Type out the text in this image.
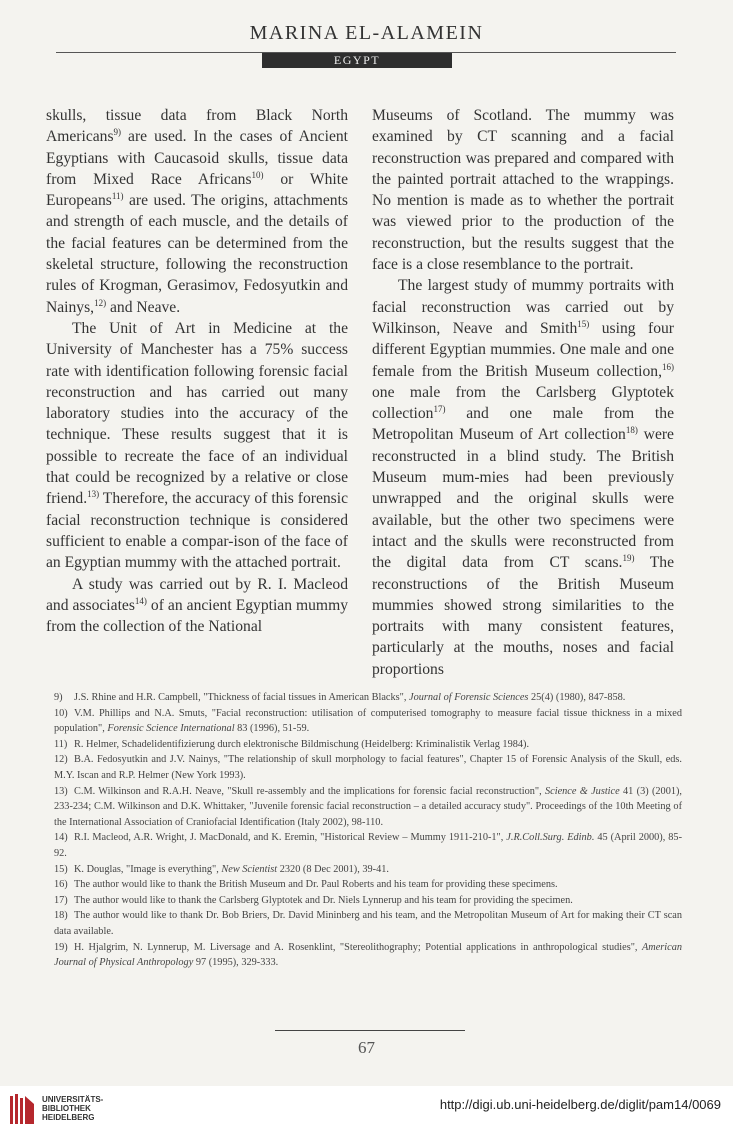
MARINA EL-ALAMEIN
EGYPT

skulls, tissue data from Black North Americans$^{9)}$ are used. In the cases of Ancient Egyptians with Caucasoid skulls, tissue data from Mixed Race Africans$^{10)}$ or White Europeans$^{11)}$ are used. The origins, attachments and strength of each muscle, and the details of the facial features can be determined from the skeletal structure, following the reconstruction rules of Krogman, Gerasimov, Fedosyutkin and Nainys,$^{12)}$ and Neave.

The Unit of Art in Medicine at the University of Manchester has a 75% success rate with identification following forensic facial reconstruction and has carried out many laboratory studies into the accuracy of the technique. These results suggest that it is possible to recreate the face of an individual that could be recognized by a relative or close friend.$^{13)}$ Therefore, the accuracy of this forensic facial reconstruction technique is considered sufficient to enable a compar-ison of the face of an Egyptian mummy with the attached portrait.

A study was carried out by R. I. Macleod and associates$^{14)}$ of an ancient Egyptian mummy from the collection of the National

Museums of Scotland. The mummy was examined by CT scanning and a facial reconstruction was prepared and compared with the painted portrait attached to the wrappings. No mention is made as to whether the portrait was viewed prior to the production of the reconstruction, but the results suggest that the face is a close resemblance to the portrait.

The largest study of mummy portraits with facial reconstruction was carried out by Wilkinson, Neave and Smith$^{15)}$ using four different Egyptian mummies. One male and one female from the British Museum collection,$^{16)}$ one male from the Carlsberg Glyptotek collection$^{17)}$ and one male from the Metropolitan Museum of Art collection$^{18)}$ were reconstructed in a blind study. The British Museum mum-mies had been previously unwrapped and the original skulls were available, but the other two specimens were intact and the skulls were reconstructed from the digital data from CT scans.$^{19)}$ The reconstructions of the British Museum mummies showed strong similarities to the portraits with many consistent features, particularly at the mouths, noses and facial proportions

9) J.S. Rhine and H.R. Campbell, "Thickness of facial tissues in American Blacks", Journal of Forensic Sciences 25(4) (1980), 847-858.

10) V.M. Phillips and N.A. Smuts, "Facial reconstruction: utilisation of computerised tomography to measure facial tissue thickness in a mixed population", Forensic Science International 83 (1996), 51-59.

11) R. Helmer, Schadelidentifizierung durch elektronische Bildmischung (Heidelberg: Kriminalistik Verlag 1984).

12) B.A. Fedosyutkin and J.V. Nainys, "The relationship of skull morphology to facial features", Chapter 15 of Forensic Analysis of the Skull, eds. M.Y. Iscan and R.P. Helmer (New York 1993).

13) C.M. Wilkinson and R.A.H. Neave, "Skull re-assembly and the implications for forensic facial reconstruction", Science & Justice 41 (3) (2001), 233-234; C.M. Wilkinson and D.K. Whittaker, "Juvenile forensic facial reconstruction – a detailed accuracy study". Proceedings of the 10th Meeting of the International Association of Craniofacial Identification (Italy 2002), 98-110.

14) R.I. Macleod, A.R. Wright, J. MacDonald, and K. Eremin, "Historical Review – Mummy 1911-210-1", J.R.Coll.Surg. Edinb. 45 (April 2000), 85-92.

15) K. Douglas, "Image is everything", New Scientist 2320 (8 Dec 2001), 39-41.

16) The author would like to thank the British Museum and Dr. Paul Roberts and his team for providing these specimens.

17) The author would like to thank the Carlsberg Glyptotek and Dr. Niels Lynnerup and his team for providing the specimen.

18) The author would like to thank Dr. Bob Briers, Dr. David Mininberg and his team, and the Metropolitan Museum of Art for making their CT scan data available.

19) H. Hjalgrim, N. Lynnerup, M. Liversage and A. Rosenklint, "Stereolithography; Potential applications in anthropological studies", American Journal of Physical Anthropology 97 (1995), 329-333.

67
UNIVERSITÄTS-
BIBLIOTHEK
HEIDELBERG
http://digi.ub.uni-heidelberg.de/diglit/pam14/0069
